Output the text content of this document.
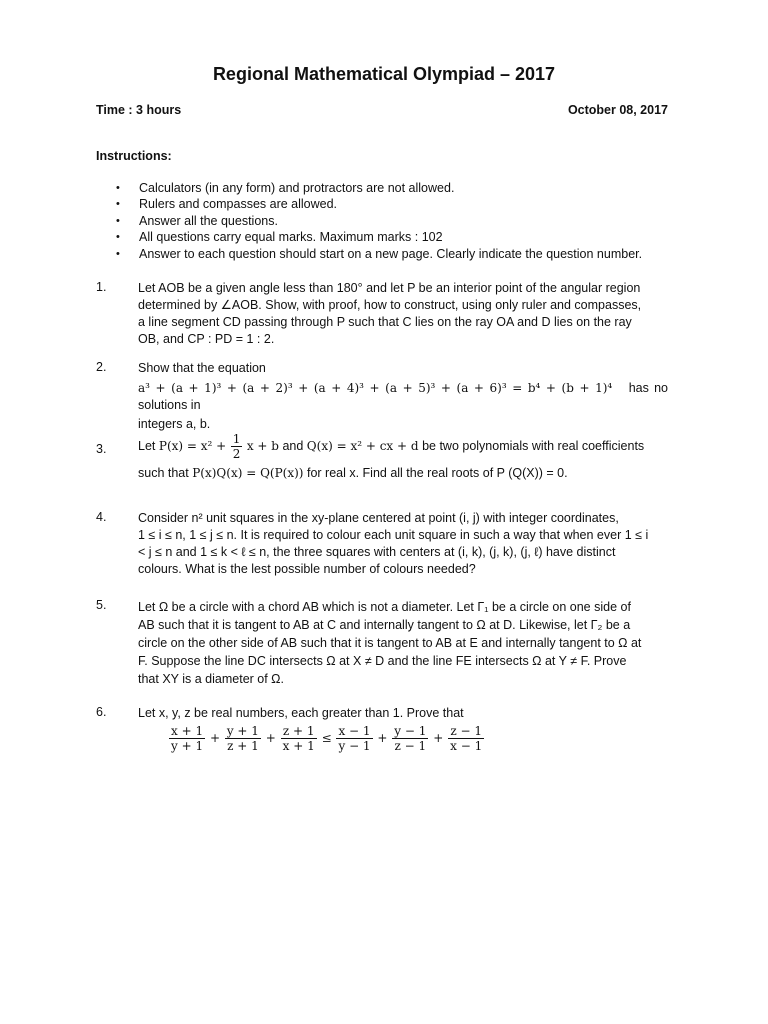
Regional Mathematical Olympiad – 2017
Time : 3 hours	October 08, 2017
Instructions:
• Calculators (in any form) and protractors are not allowed.
• Rulers and compasses are allowed.
• Answer all the questions.
• All questions carry equal marks. Maximum marks : 102
• Answer to each question should start on a new page. Clearly indicate the question number.
1.	Let AOB be a given angle less than 180° and let P be an interior point of the angular region
determined by ∠AOB. Show, with proof, how to construct, using only ruler and compasses,
a line segment CD passing through P such that C lies on the ray OA and D lies on the ray
OB, and CP : PD = 1 : 2.
2.	Show that the equation
a³ + (a + 1)³ + (a + 2)³ + (a + 4)³ + (a + 5)³ + (a + 6)³ = b⁴ + (b + 1)⁴ has no solutions in
integers a, b.
3.	Let $P(x) = x^2 + \frac{1}{2}$ x + b and Q(x) = x² + cx + d be two polynomials with real coefficients
such that P(x)Q(x) = Q(P(x)) for real x. Find all the real roots of P (Q(X)) = 0.
4.	Consider n² unit squares in the xy-plane centered at point (i, j) with integer coordinates,
1 ≤ i ≤ n, 1 ≤ j ≤ n. It is required to colour each unit square in such a way that when ever 1 ≤ i
< j ≤ n and 1 ≤ k < ℓ ≤ n, the three squares with centers at (i, k), (j, k), (j, ℓ) have distinct
colours. What is the lest possible number of colours needed?
5.	Let Ω be a circle with a chord AB which is not a diameter. Let Γ₁ be a circle on one side of
AB such that it is tangent to AB at C and internally tangent to Ω at D. Likewise, let Γ₂ be a
circle on the other side of AB such that it is tangent to AB at E and internally tangent to Ω at
F. Suppose the line DC intersects Ω at X ≠ D and the line FE intersects Ω at Y ≠ F. Prove
that XY is a diameter of Ω.
6.	Let x, y, z be real numbers, each greater than 1. Prove that
$\frac{x + 1}{y + 1} + \frac{y + 1}{z + 1} + \frac{z + 1}{x + 1} \le \frac{x - 1}{y - 1} + \frac{y - 1}{z - 1} + \frac{z - 1}{x - 1}$
